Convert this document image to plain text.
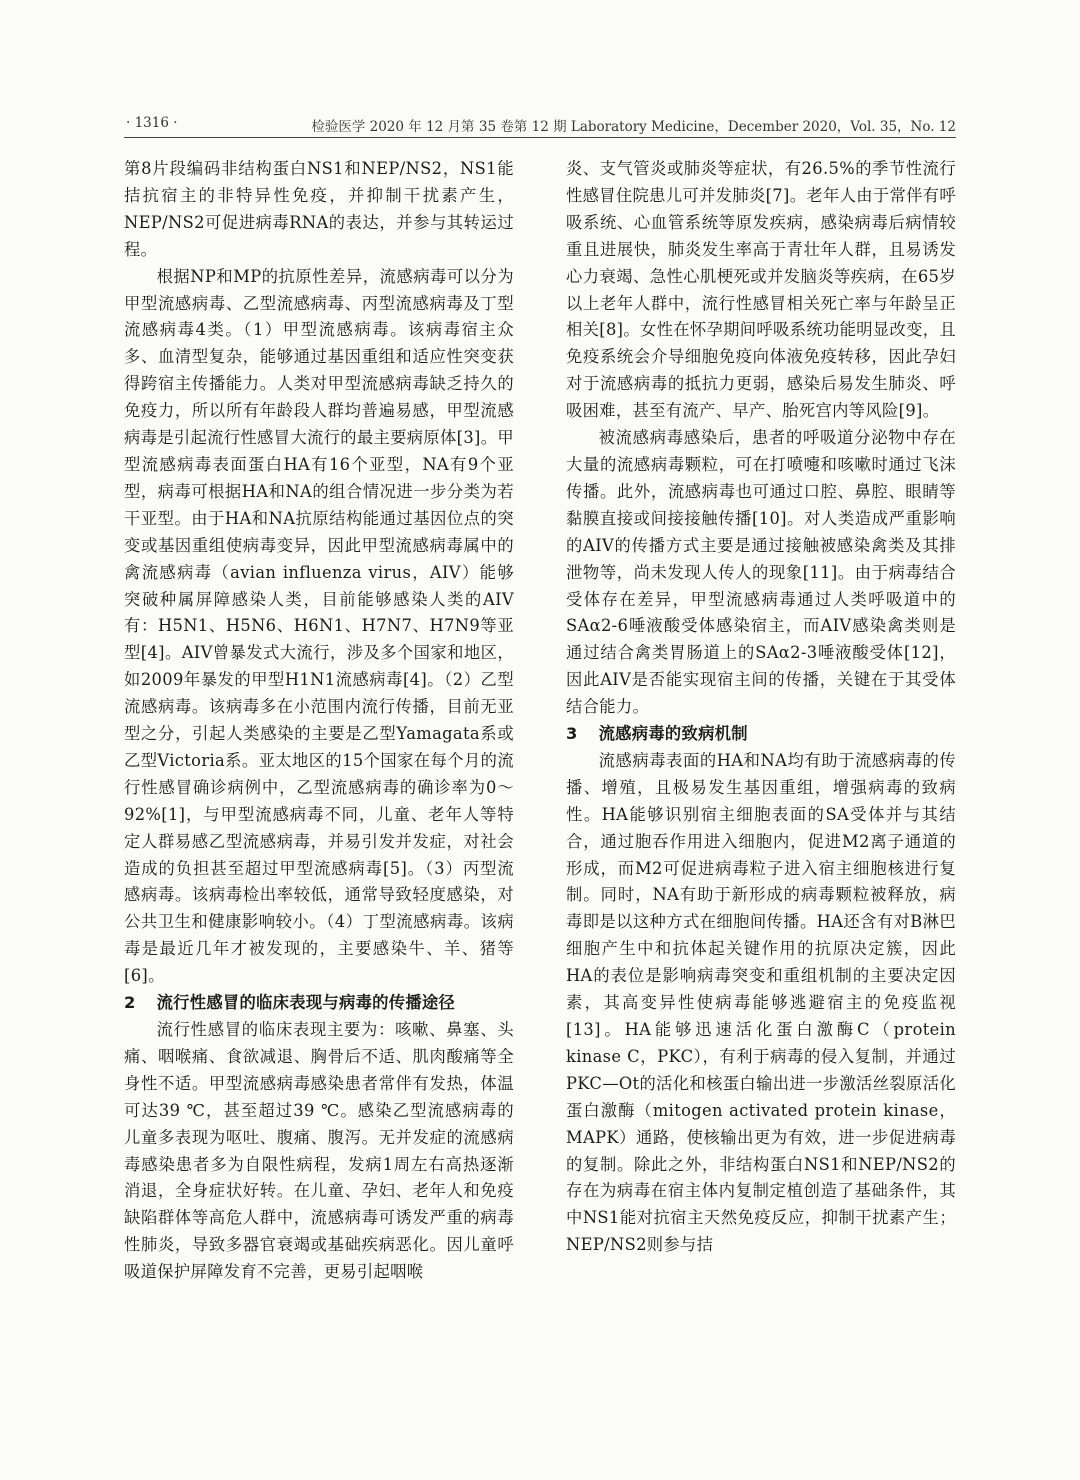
· 1316 ·	检验医学 2020 年 12 月第 35 卷第 12 期 Laboratory Medicine，December 2020，Vol. 35，No. 12

第8片段编码非结构蛋白NS1和NEP/NS2，NS1能拮抗宿主的非特异性免疫，并抑制干扰素产生，NEP/NS2可促进病毒RNA的表达，并参与其转运过程。

根据NP和MP的抗原性差异，流感病毒可以分为甲型流感病毒、乙型流感病毒、丙型流感病毒及丁型流感病毒4类。（1）甲型流感病毒。该病毒宿主众多、血清型复杂，能够通过基因重组和适应性突变获得跨宿主传播能力。人类对甲型流感病毒缺乏持久的免疫力，所以所有年龄段人群均普遍易感，甲型流感病毒是引起流行性感冒大流行的最主要病原体[3]。甲型流感病毒表面蛋白HA有16个亚型，NA有9个亚型，病毒可根据HA和NA的组合情况进一步分类为若干亚型。由于HA和NA抗原结构能通过基因位点的突变或基因重组使病毒变异，因此甲型流感病毒属中的禽流感病毒（avian influenza virus，AIV）能够突破种属屏障感染人类，目前能够感染人类的AIV有：H5N1、H5N6、H6N1、H7N7、H7N9等亚型[4]。AIV曾暴发式大流行，涉及多个国家和地区，如2009年暴发的甲型H1N1流感病毒[4]。（2）乙型流感病毒。该病毒多在小范围内流行传播，目前无亚型之分，引起人类感染的主要是乙型Yamagata系或乙型Victoria系。亚太地区的15个国家在每个月的流行性感冒确诊病例中，乙型流感病毒的确诊率为0～92%[1]，与甲型流感病毒不同，儿童、老年人等特定人群易感乙型流感病毒，并易引发并发症，对社会造成的负担甚至超过甲型流感病毒[5]。（3）丙型流感病毒。该病毒检出率较低，通常导致轻度感染，对公共卫生和健康影响较小。（4）丁型流感病毒。该病毒是最近几年才被发现的，主要感染牛、羊、猪等[6]。

2 流行性感冒的临床表现与病毒的传播途径

流行性感冒的临床表现主要为：咳嗽、鼻塞、头痛、咽喉痛、食欲减退、胸骨后不适、肌肉酸痛等全身性不适。甲型流感病毒感染患者常伴有发热，体温可达39 ℃，甚至超过39 ℃。感染乙型流感病毒的儿童多表现为呕吐、腹痛、腹泻。无并发症的流感病毒感染患者多为自限性病程，发病1周左右高热逐渐消退，全身症状好转。在儿童、孕妇、老年人和免疫缺陷群体等高危人群中，流感病毒可诱发严重的病毒性肺炎，导致多器官衰竭或基础疾病恶化。因儿童呼吸道保护屏障发育不完善，更易引起咽喉

炎、支气管炎或肺炎等症状，有26.5%的季节性流行性感冒住院患儿可并发肺炎[7]。老年人由于常伴有呼吸系统、心血管系统等原发疾病，感染病毒后病情较重且进展快，肺炎发生率高于青壮年人群，且易诱发心力衰竭、急性心肌梗死或并发脑炎等疾病，在65岁以上老年人群中，流行性感冒相关死亡率与年龄呈正相关[8]。女性在怀孕期间呼吸系统功能明显改变，且免疫系统会介导细胞免疫向体液免疫转移，因此孕妇对于流感病毒的抵抗力更弱，感染后易发生肺炎、呼吸困难，甚至有流产、早产、胎死宫内等风险[9]。

被流感病毒感染后，患者的呼吸道分泌物中存在大量的流感病毒颗粒，可在打喷嚏和咳嗽时通过飞沫传播。此外，流感病毒也可通过口腔、鼻腔、眼睛等黏膜直接或间接接触传播[10]。对人类造成严重影响的AIV的传播方式主要是通过接触被感染禽类及其排泄物等，尚未发现人传人的现象[11]。由于病毒结合受体存在差异，甲型流感病毒通过人类呼吸道中的SAα2-6唾液酸受体感染宿主，而AIV感染禽类则是通过结合禽类胃肠道上的SAα2-3唾液酸受体[12]，因此AIV是否能实现宿主间的传播，关键在于其受体结合能力。

3 流感病毒的致病机制

流感病毒表面的HA和NA均有助于流感病毒的传播、增殖，且极易发生基因重组，增强病毒的致病性。HA能够识别宿主细胞表面的SA受体并与其结合，通过胞吞作用进入细胞内，促进M2离子通道的形成，而M2可促进病毒粒子进入宿主细胞核进行复制。同时，NA有助于新形成的病毒颗粒被释放，病毒即是以这种方式在细胞间传播。HA还含有对B淋巴细胞产生中和抗体起关键作用的抗原决定簇，因此HA的表位是影响病毒突变和重组机制的主要决定因素，其高变异性使病毒能够逃避宿主的免疫监视[13]。HA能够迅速活化蛋白激酶C（protein kinase C，PKC），有利于病毒的侵入复制，并通过PKC—Ot的活化和核蛋白输出进一步激活丝裂原活化蛋白激酶（mitogen activated protein kinase，MAPK）通路，使核输出更为有效，进一步促进病毒的复制。除此之外，非结构蛋白NS1和NEP/NS2的存在为病毒在宿主体内复制定植创造了基础条件，其中NS1能对抗宿主天然免疫反应，抑制干扰素产生；NEP/NS2则参与拮
